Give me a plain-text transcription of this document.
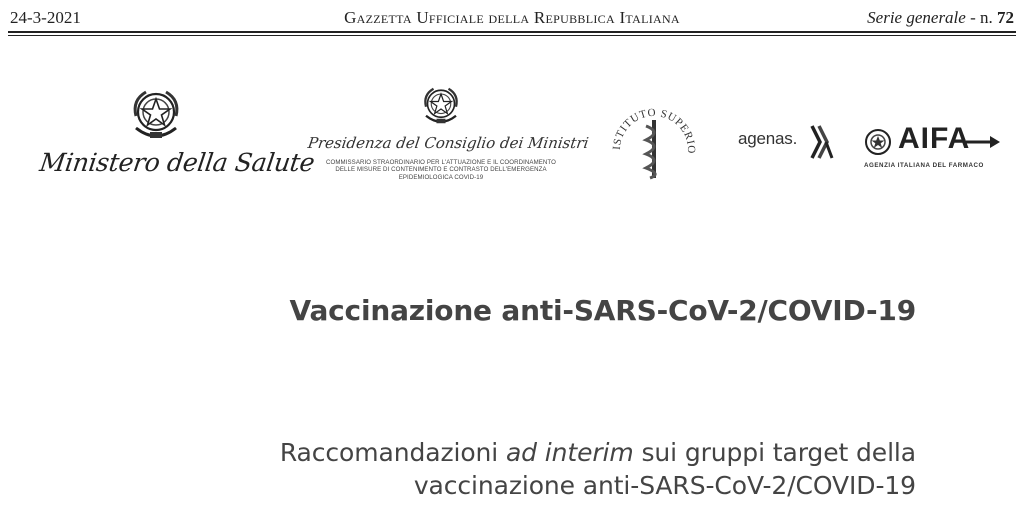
24-3-2021	Gazzetta Ufficiale della Repubblica Italiana	Serie generale - n. 72
Ministero della Salute
Presidenza del Consiglio dei Ministri
COMMISSARIO STRAORDINARIO PER L'ATTUAZIONE E IL COORDINAMENTO
DELLE MISURE DI CONTENIMENTO E CONTRASTO DELL'EMERGENZA
EPIDEMIOLOGICA COVID-19
ISTITUTO SUPERIO
agenas.	AIFA
AGENZIA ITALIANA DEL FARMACO
Vaccinazione anti-SARS-CoV-2/COVID-19
Raccomandazioni ad interim sui gruppi target della
vaccinazione anti-SARS-CoV-2/COVID-19
